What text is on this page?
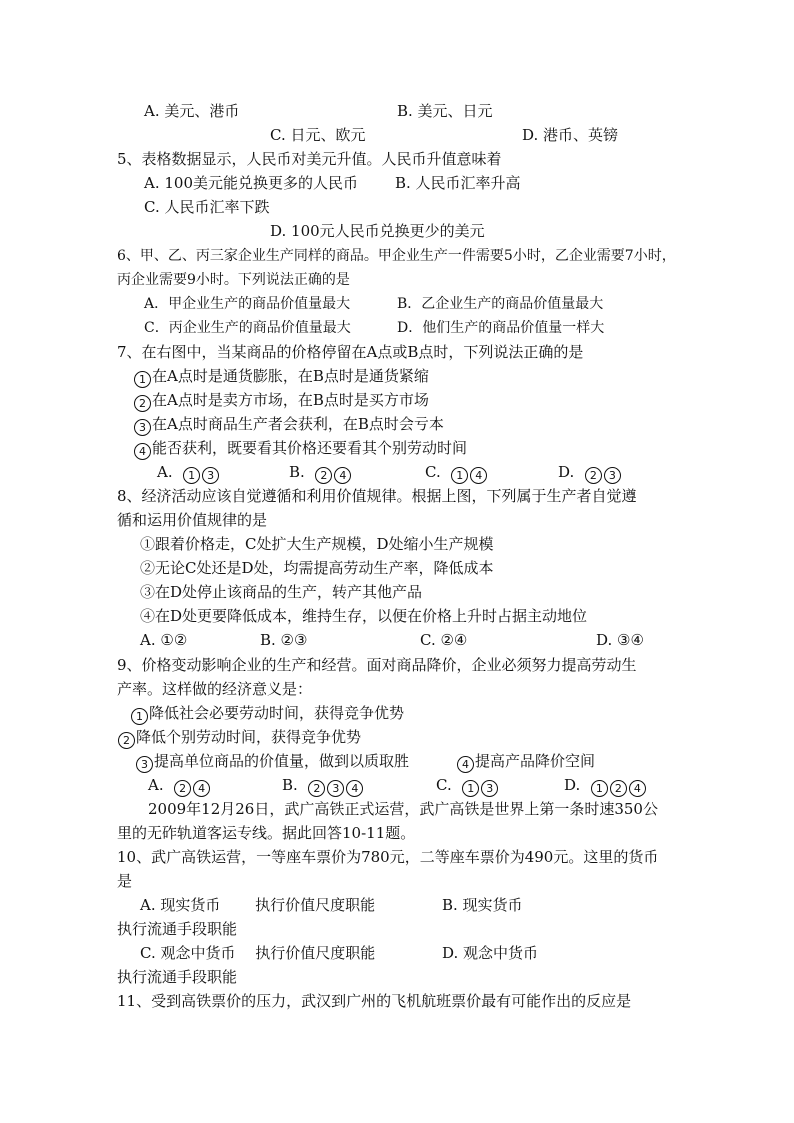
A. 美元、港币	B. 美元、日元
C. 日元、欧元	D. 港币、英镑
5、表格数据显示，人民币对美元升值。人民币升值意味着
A. 100美元能兑换更多的人民币 B. 人民币汇率升高
C. 人民币汇率下跌
D. 100元人民币兑换更少的美元
6、甲、乙、丙三家企业生产同样的商品。甲企业生产一件需要5小时，乙企业需要7小时，
丙企业需要9小时。下列说法正确的是
A．甲企业生产的商品价值量最大	B．乙企业生产的商品价值量最大
C．丙企业生产的商品价值量最大	D．他们生产的商品价值量一样大
7、在右图中，当某商品的价格停留在A点或B点时，下列说法正确的是
1 在A点时是通货膨胀，在B点时是通货紧缩
2 在A点时是卖方市场，在B点时是买方市场
3 在A点时商品生产者会获利，在B点时会亏本
4 能否获利，既要看其价格还要看其个别劳动时间
A. 1 3	B. 2 4	C. 1 4	D. 2 3
8、经济活动应该自觉遵循和利用价值规律。根据上图，下列属于生产者自觉遵
循和运用价值规律的是
①跟着价格走，C处扩大生产规模，D处缩小生产规模
②无论C处还是D处，均需提高劳动生产率，降低成本
③在D处停止该商品的生产，转产其他产品
④在D处更要降低成本，维持生存，以便在价格上升时占据主动地位
A. ①②	B. ②③	C. ②④	D. ③④
9、价格变动影响企业的生产和经营。面对商品降价，企业必须努力提高劳动生
产率。这样做的经济意义是：
1 降低社会必要劳动时间，获得竞争优势
2 降低个别劳动时间，获得竞争优势
3 提高单位商品的价值量，做到以质取胜	4 提高产品降价空间
A. 2 4	B. 2 3 4	C. 1 3	D. 1 2 4
2009年12月26日，武广高铁正式运营，武广高铁是世界上第一条时速350公
里的无砟轨道客运专线。据此回答10-11题。
10、武广高铁运营，一等座车票价为780元，二等座车票价为490元。这里的货币
是
A. 现实货币　　 执行价值尺度职能	B. 现实货币
执行流通手段职能
C. 观念中货币　 执行价值尺度职能	D. 观念中货币
执行流通手段职能
11、受到高铁票价的压力，武汉到广州的飞机航班票价最有可能作出的反应是
